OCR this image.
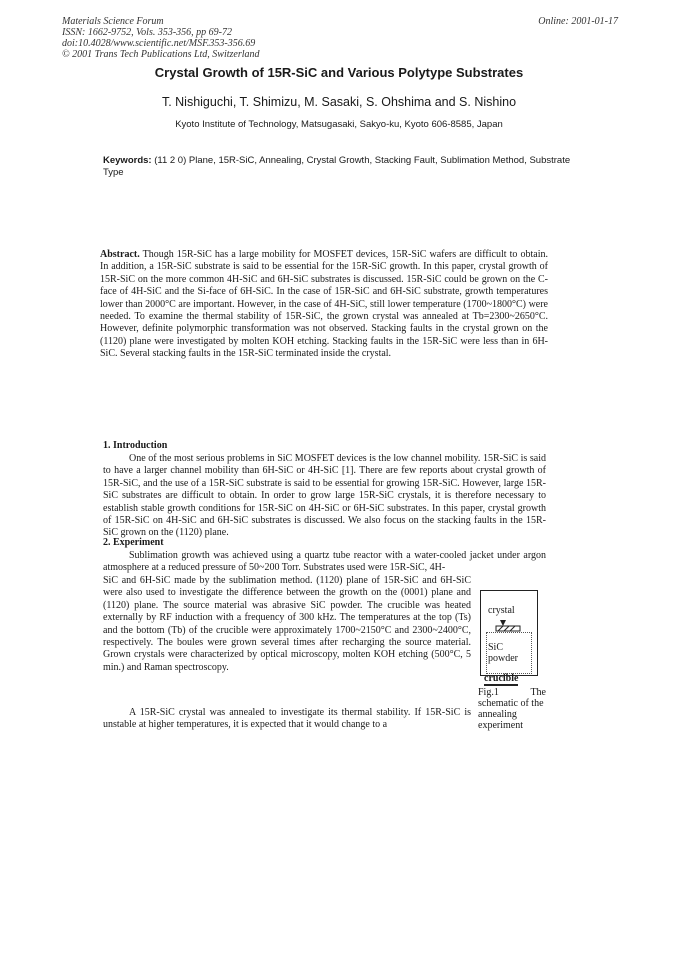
Materials Science Forum
ISSN: 1662-9752, Vols. 353-356, pp 69-72
doi:10.4028/www.scientific.net/MSF.353-356.69
© 2001 Trans Tech Publications Ltd, Switzerland
Online: 2001-01-17
Crystal Growth of 15R-SiC and Various Polytype Substrates
T. Nishiguchi, T. Shimizu, M. Sasaki, S. Ohshima and S. Nishino
Kyoto Institute of Technology, Matsugasaki, Sakyo-ku, Kyoto 606-8585, Japan
Keywords: (11 2 0) Plane, 15R-SiC, Annealing, Crystal Growth, Stacking Fault, Sublimation Method, Substrate Type
Abstract. Though 15R-SiC has a large mobility for MOSFET devices, 15R-SiC wafers are difficult to obtain. In addition, a 15R-SiC substrate is said to be essential for the 15R-SiC growth. In this paper, crystal growth of 15R-SiC on the more common 4H-SiC and 6H-SiC substrates is discussed. 15R-SiC could be grown on the C-face of 4H-SiC and the Si-face of 6H-SiC. In the case of 15R-SiC and 6H-SiC substrate, growth temperatures lower than 2000°C are important. However, in the case of 4H-SiC, still lower temperature (1700~1800°C) were needed. To examine the thermal stability of 15R-SiC, the grown crystal was annealed at Tb=2300~2650°C. However, definite polymorphic transformation was not observed. Stacking faults in the crystal grown on the (1120) plane were investigated by molten KOH etching. Stacking faults in the 15R-SiC were less than in 6H-SiC. Several stacking faults in the 15R-SiC terminated inside the crystal.
1. Introduction
One of the most serious problems in SiC MOSFET devices is the low channel mobility. 15R-SiC is said to have a larger channel mobility than 6H-SiC or 4H-SiC [1]. There are few reports about crystal growth of 15R-SiC, and the use of a 15R-SiC substrate is said to be essential for growing 15R-SiC. However, large 15R-SiC substrates are difficult to obtain. In order to grow large 15R-SiC crystals, it is therefore necessary to establish stable growth conditions for 15R-SiC on 4H-SiC or 6H-SiC substrates. In this paper, crystal growth of 15R-SiC on 4H-SiC and 6H-SiC substrates is discussed. We also focus on the stacking faults in the 15R-SiC grown on the (1120) plane.
2. Experiment
Sublimation growth was achieved using a quartz tube reactor with a water-cooled jacket under argon atmosphere at a reduced pressure of 50~200 Torr. Substrates used were 15R-SiC, 4H-
SiC and 6H-SiC made by the sublimation method. (1120) plane of 15R-SiC and 6H-SiC were also used to investigate the difference between the growth on the (0001) plane and (1120) plane. The source material was abrasive SiC powder. The crucible was heated externally by RF induction with a frequency of 300 kHz. The temperatures at the top (Ts) and the bottom (Tb) of the crucible were approximately 1700~2150°C and 2300~2400°C, respectively. The boules were grown several times after recharging the source material. Grown crystals were characterized by optical microscopy, molten KOH etching (500°C, 5 min.) and Raman spectroscopy.
A 15R-SiC crystal was annealed to investigate its thermal stability. If 15R-SiC is unstable at higher temperatures, it is expected that it would change to a
crystal
SiC
powder
crucible
Fig.1	The
schematic of the annealing experiment
